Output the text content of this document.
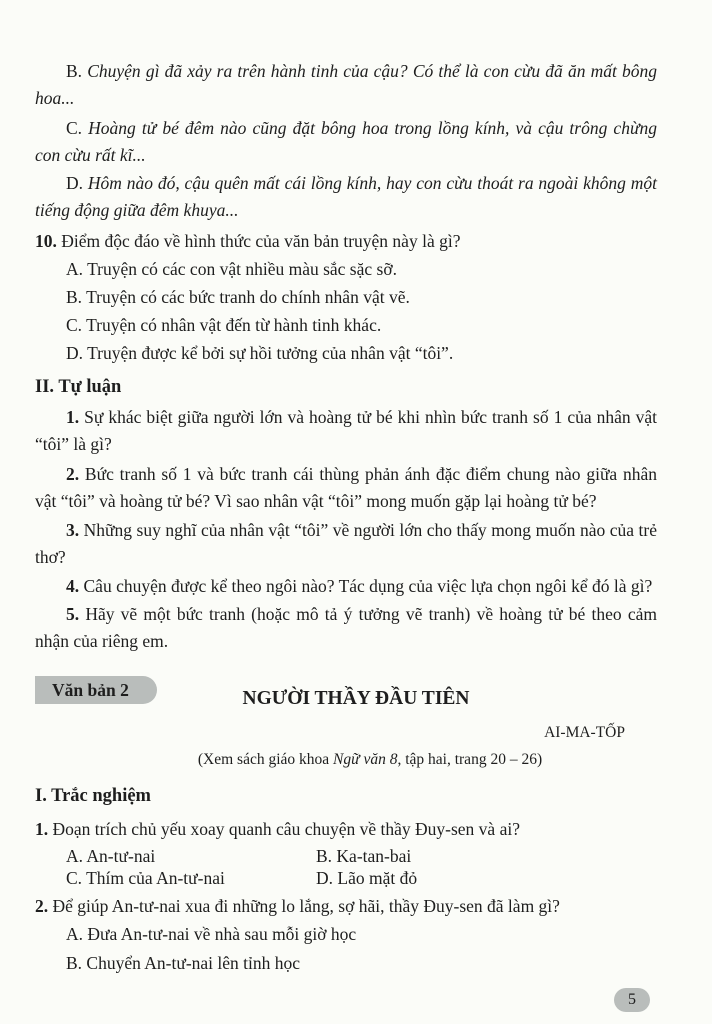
B. Chuyện gì đã xảy ra trên hành tinh của cậu? Có thể là con cừu đã ăn mất bông hoa...

C. Hoàng tử bé đêm nào cũng đặt bông hoa trong lồng kính, và cậu trông chừng con cừu rất kĩ...

D. Hôm nào đó, cậu quên mất cái lồng kính, hay con cừu thoát ra ngoài không một tiếng động giữa đêm khuya...

10. Điểm độc đáo về hình thức của văn bản truyện này là gì?

A. Truyện có các con vật nhiều màu sắc sặc sỡ.
B. Truyện có các bức tranh do chính nhân vật vẽ.
C. Truyện có nhân vật đến từ hành tinh khác.
D. Truyện được kể bởi sự hồi tưởng của nhân vật “tôi”.
II. Tự luận

1. Sự khác biệt giữa người lớn và hoàng tử bé khi nhìn bức tranh số 1 của nhân vật “tôi” là gì?

2. Bức tranh số 1 và bức tranh cái thùng phản ánh đặc điểm chung nào giữa nhân vật “tôi” và hoàng tử bé? Vì sao nhân vật “tôi” mong muốn gặp lại hoàng tử bé?

3. Những suy nghĩ của nhân vật “tôi” về người lớn cho thấy mong muốn nào của trẻ thơ?

4. Câu chuyện được kể theo ngôi nào? Tác dụng của việc lựa chọn ngôi kể đó là gì?

5. Hãy vẽ một bức tranh (hoặc mô tả ý tưởng vẽ tranh) về hoàng tử bé theo cảm nhận của riêng em.

Văn bản 2	NGƯỜI THẦY ĐẦU TIÊN
AI-MA-TỐP
(Xem sách giáo khoa Ngữ văn 8, tập hai, trang 20 – 26)
I. Trắc nghiệm

1. Đoạn trích chủ yếu xoay quanh câu chuyện về thầy Đuy-sen và ai?

A. An-tư-nai	B. Ka-tan-bai
C. Thím của An-tư-nai	D. Lão mặt đỏ

2. Để giúp An-tư-nai xua đi những lo lắng, sợ hãi, thầy Đuy-sen đã làm gì?

A. Đưa An-tư-nai về nhà sau mỗi giờ học
B. Chuyển An-tư-nai lên tỉnh học
5
